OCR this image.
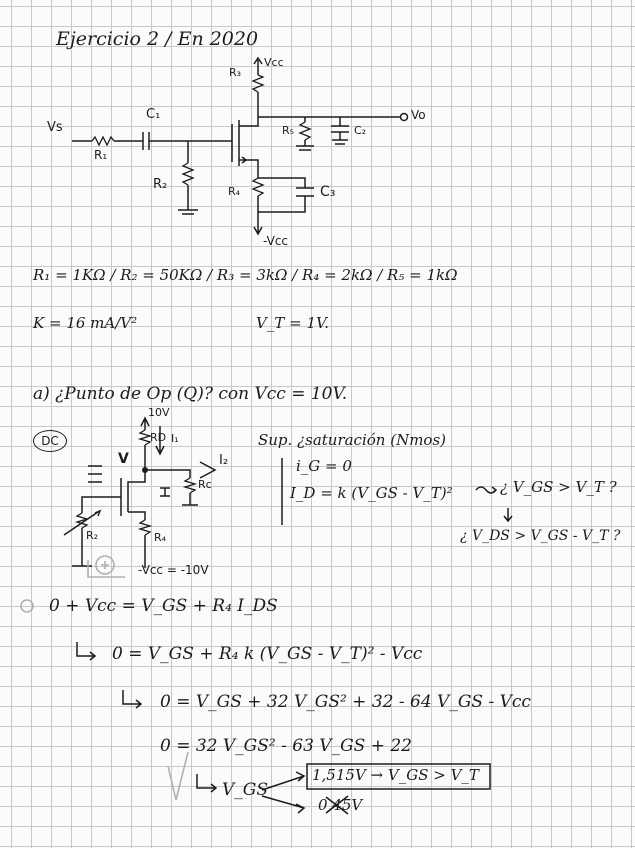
Ejercicio 2 / En 2020

Vs
R₁
C₁
R₂
R₃
Vcc
R₅	C₂
Vo
R₄	C₃
-Vcc

R₁ = 1KΩ / R₂ = 50KΩ / R₃ = 3kΩ / R₄ = 2kΩ / R₅ = 1kΩ

K = 16 mA/V²	V_T = 1V.

a) ¿Punto de Op (Q)? con Vcc = 10V.

DC
10V
RD I₁
I₂
V
Rc
R₄
R₂
-Vcc = -10V

Sup. ¿saturación (Nmos)

i_G = 0

I_D = k (V_GS - V_T)²	¿ V_GS > V_T ?

¿ V_DS > V_GS - V_T ?

0 + Vcc = V_GS + R₄ I_DS

0 = V_GS + R₄ k (V_GS - V_T)² - Vcc

0 = V_GS + 32 V_GS² + 32 - 64 V_GS - Vcc

0 = 32 V_GS² - 63 V_GS + 22

V_GS

1,515V → V_GS > V_T

0,45V
